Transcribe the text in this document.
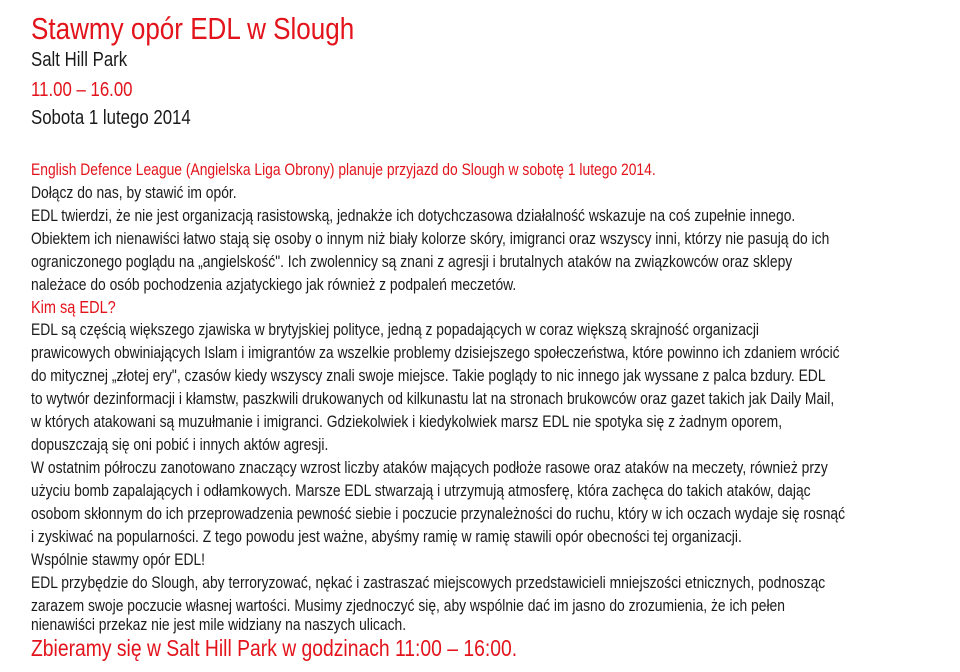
Stawmy opór EDL w Slough
Salt Hill Park
11.00 – 16.00
Sobota 1 lutego 2014
English Defence League (Angielska Liga Obrony) planuje przyjazd do Slough w sobotę 1 lutego 2014.
Dołącz do nas, by stawić im opór.
EDL twierdzi, że nie jest organizacją rasistowską, jednakże ich dotychczasowa działalność wskazuje na coś zupełnie innego.
Obiektem ich nienawiści łatwo stają się osoby o innym niż biały kolorze skóry, imigranci oraz wszyscy inni, którzy nie pasują do ich
ograniczonego poglądu na „angielskość". Ich zwolennicy są znani z agresji i brutalnych ataków na związkowców oraz sklepy
należace do osób pochodzenia azjatyckiego jak również z podpaleń meczetów.
Kim są EDL?
EDL są częścią większego zjawiska w brytyjskiej polityce, jedną z popadających w coraz większą skrajność organizacji
prawicowych obwiniających Islam i imigrantów za wszelkie problemy dzisiejszego społeczeństwa, które powinno ich zdaniem wrócić
do mitycznej „złotej ery", czasów kiedy wszyscy znali swoje miejsce. Takie poglądy to nic innego jak wyssane z palca bzdury. EDL
to wytwór dezinformacji i kłamstw, paszkwili drukowanych od kilkunastu lat na stronach brukowców oraz gazet takich jak Daily Mail,
w których atakowani są muzułmanie i imigranci. Gdziekolwiek i kiedykolwiek marsz EDL nie spotyka się z żadnym oporem,
dopuszczają się oni pobić i innych aktów agresji.
W ostatnim półroczu zanotowano znaczący wzrost liczby ataków mających podłoże rasowe oraz ataków na meczety, również przy
użyciu bomb zapalających i odłamkowych. Marsze EDL stwarzają i utrzymują atmosferę, która zachęca do takich ataków, dając
osobom skłonnym do ich przeprowadzenia pewność siebie i poczucie przynależności do ruchu, który w ich oczach wydaje się rosnąć
i zyskiwać na popularności. Z tego powodu jest ważne, abyśmy ramię w ramię stawili opór obecności tej organizacji.
Wspólnie stawmy opór EDL!
EDL przybędzie do Slough, aby terroryzować, nękać i zastraszać miejscowych przedstawicieli mniejszości etnicznych, podnosząc
zarazem swoje poczucie własnej wartości. Musimy zjednoczyć się, aby wspólnie dać im jasno do zrozumienia, że ich pełen
nienawiści przekaz nie jest mile widziany na naszych ulicach.
Zbieramy się w Salt Hill Park w godzinach 11:00 – 16:00.
